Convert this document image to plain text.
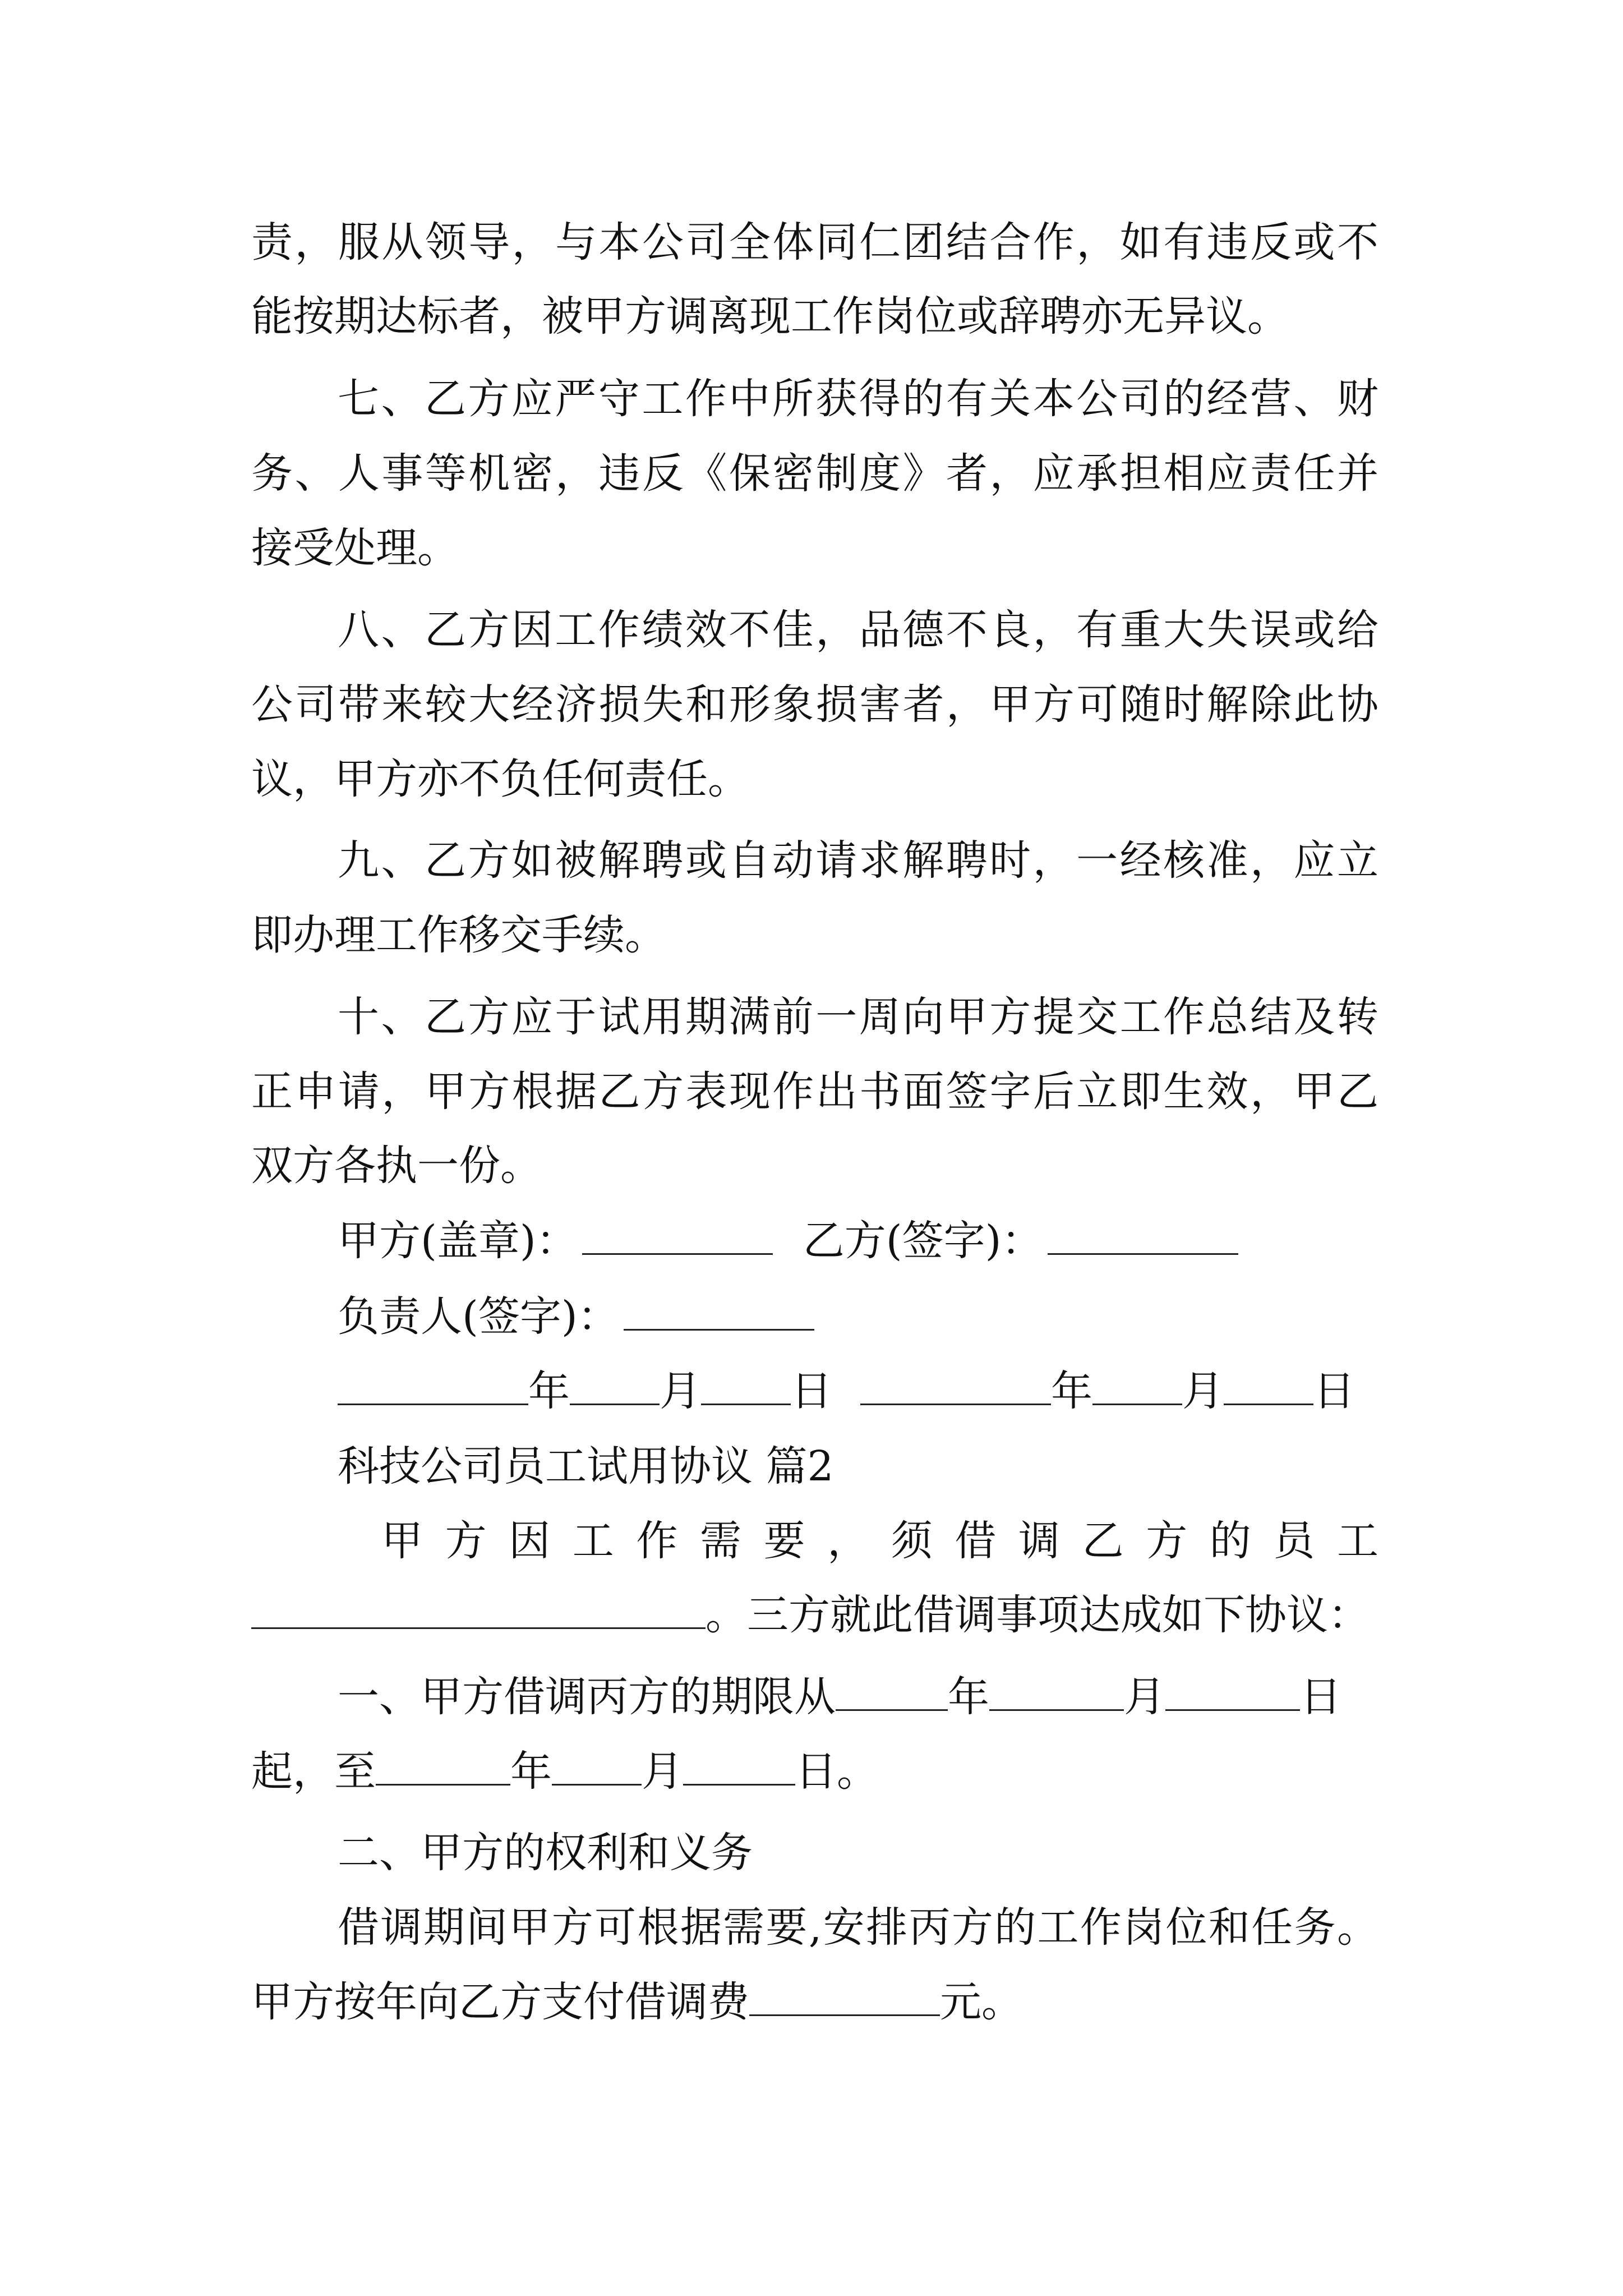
责，服从领导，与本公司全体同仁团结合作，如有违反或不
能按期达标者，被甲方调离现工作岗位或辞聘亦无异议。
七、乙方应严守工作中所获得的有关本公司的经营、财
务、人事等机密，违反《保密制度》者，应承担相应责任并
接受处理。
八、乙方因工作绩效不佳，品德不良，有重大失误或给
公司带来较大经济损失和形象损害者，甲方可随时解除此协
议，甲方亦不负任何责任。
九、乙方如被解聘或自动请求解聘时，一经核准，应立
即办理工作移交手续。
十、乙方应于试用期满前一周向甲方提交工作总结及转
正申请，甲方根据乙方表现作出书面签字后立即生效，甲乙
双方各执一份。
甲方(盖章)：	乙方(签字)：
负责人(签字)：
年 月 日	年 月 日
科技公司员工试用协议 篇2
甲方因工作需要，须借调乙方的员工
。三方就此借调事项达成如下协议：
一、甲方借调丙方的期限从	年	月	日
起，至	年 月	日。
二、甲方的权利和义务
借调期间甲方可根据需要,安排丙方的工作岗位和任务。
甲方按年向乙方支付借调费	元。
